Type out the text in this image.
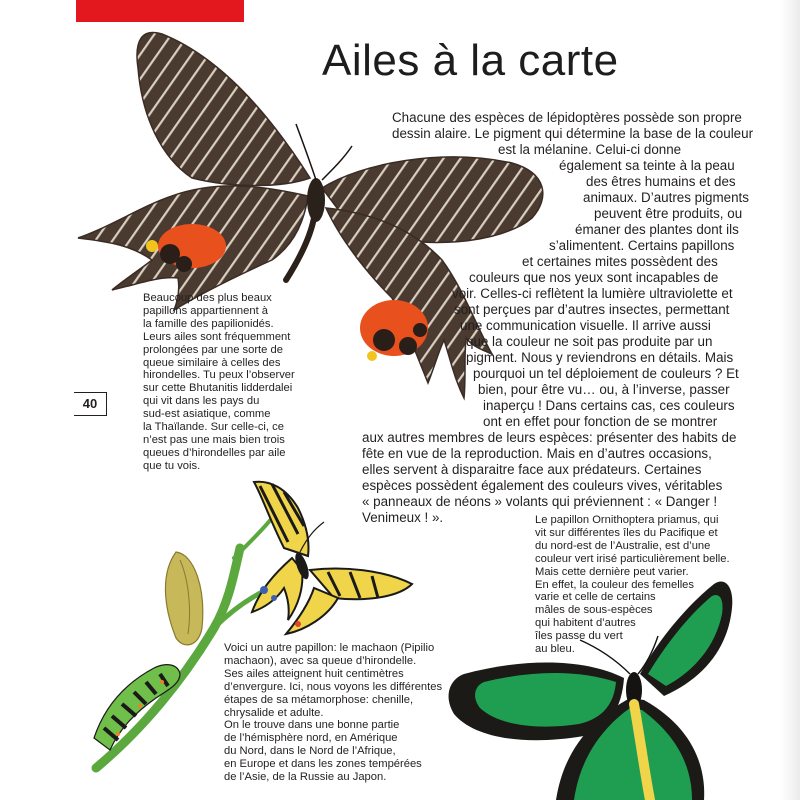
Ailes à la carte
Chacune des espèces de lépidoptères possède son propre
dessin alaire. Le pigment qui détermine la base de la couleur
est la mélanine. Celui-ci donne
également sa teinte à la peau
des êtres humains et des
animaux. D’autres pigments
peuvent être produits, ou
émaner des plantes dont ils
s’alimentent. Certains papillons
et certaines mites possèdent des
couleurs que nos yeux sont incapables de
voir. Celles-ci reflètent la lumière ultraviolette et
sont perçues par d’autres insectes, permettant
une communication visuelle. Il arrive aussi
que la couleur ne soit pas produite par un
pigment. Nous y reviendrons en détails. Mais
pourquoi un tel déploiement de couleurs ? Et
bien, pour être vu… ou, à l’inverse, passer
inaperçu ! Dans certains cas, ces couleurs
ont en effet pour fonction de se montrer
aux autres membres de leurs espèces: présenter des habits de
fête en vue de la reproduction. Mais en d’autres occasions,
elles servent à disparaitre face aux prédateurs. Certaines
espèces possèdent également des couleurs vives, véritables
« panneaux de néons » volants qui préviennent : « Danger !
Venimeux ! ».
Beaucoup des plus beaux
papillons appartiennent à
la famille des papilionidés.
Leurs ailes sont fréquemment
prolongées par une sorte de
queue similaire à celles des
hirondelles. Tu peux l’observer
sur cette Bhutanitis lidderdalei
qui vit dans les pays du
sud-est asiatique, comme
la Thaïlande. Sur celle-ci, ce
n’est pas une mais bien trois
queues d’hirondelles par aile
que tu vois.
40
Le papillon Ornithoptera priamus, qui
vit sur différentes îles du Pacifique et
du nord-est de l’Australie, est d’une
couleur vert irisé particulièrement belle.
Mais cette dernière peut varier.
En effet, la couleur des femelles
varie et celle de certains
mâles de sous-espèces
qui habitent d’autres
îles passe du vert
au bleu.
Voici un autre papillon: le machaon (Pipilio
machaon), avec sa queue d’hirondelle.
Ses ailes atteignent huit centimètres
d’envergure. Ici, nous voyons les différentes
étapes de sa métamorphose: chenille,
chrysalide et adulte.
On le trouve dans une bonne partie
de l’hémisphère nord, en Amérique
du Nord, dans le Nord de l’Afrique,
en Europe et dans les zones tempérées
de l’Asie, de la Russie au Japon.
